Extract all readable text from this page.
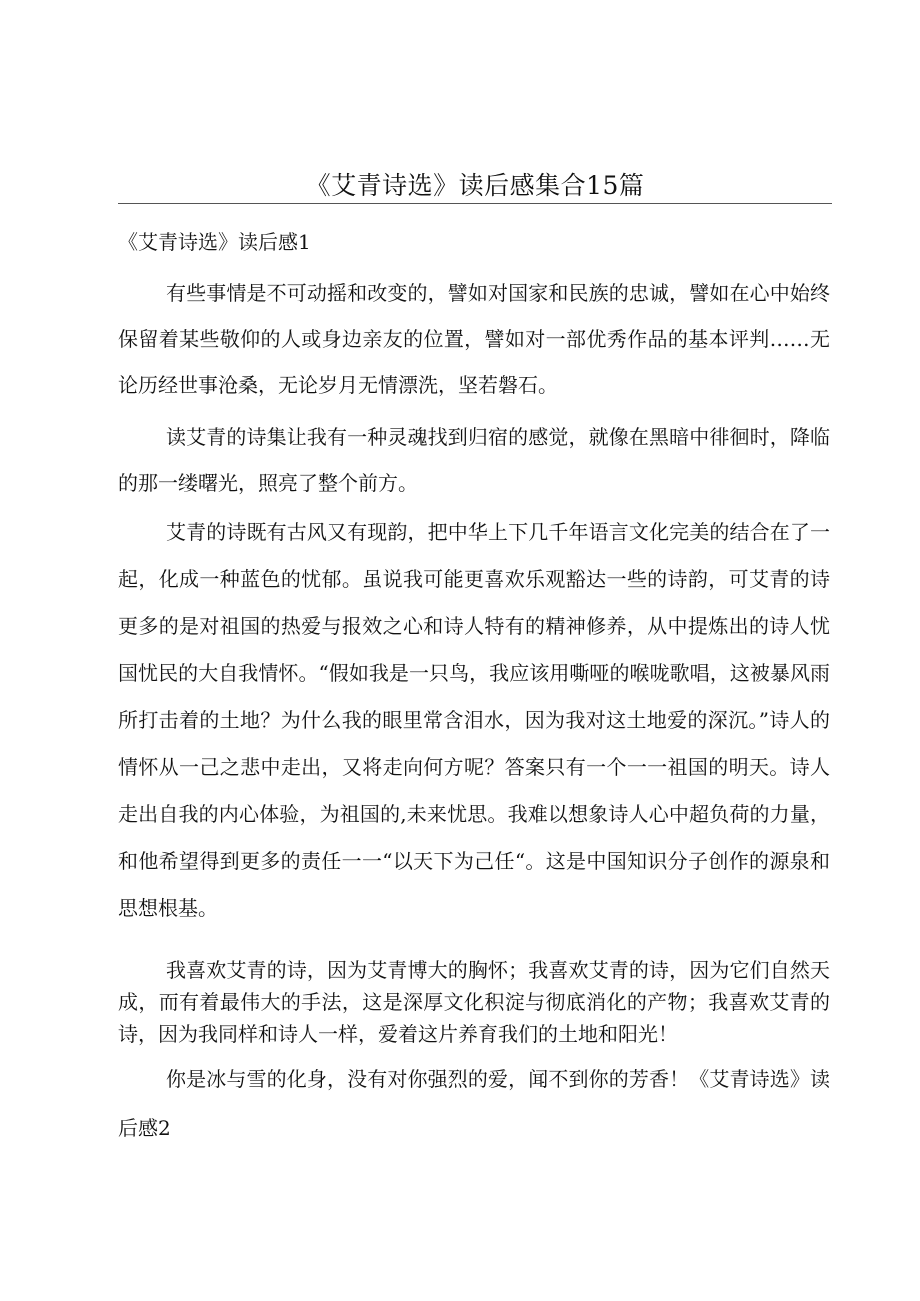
《艾青诗选》读后感集合15篇
《艾青诗选》读后感1

有些事情是不可动摇和改变的，譬如对国家和民族的忠诚，譬如在心中始终保留着某些敬仰的人或身边亲友的位置，譬如对一部优秀作品的基本评判……无论历经世事沧桑，无论岁月无情漂洗，坚若磐石。

读艾青的诗集让我有一种灵魂找到归宿的感觉，就像在黑暗中徘徊时，降临的那一缕曙光，照亮了整个前方。

艾青的诗既有古风又有现韵，把中华上下几千年语言文化完美的结合在了一起，化成一种蓝色的忧郁。虽说我可能更喜欢乐观豁达一些的诗韵，可艾青的诗更多的是对祖国的热爱与报效之心和诗人特有的精神修养，从中提炼出的诗人忧国忧民的大自我情怀。“假如我是一只鸟，我应该用嘶哑的喉咙歌唱，这被暴风雨所打击着的土地？为什么我的眼里常含泪水，因为我对这土地爱的深沉。”诗人的情怀从一己之悲中走出，又将走向何方呢？答案只有一个一一祖国的明天。诗人走出自我的内心体验，为祖国的,未来忧思。我难以想象诗人心中超负荷的力量，和他希望得到更多的责任一一“以天下为己任“。这是中国知识分子创作的源泉和思想根基。

我喜欢艾青的诗，因为艾青博大的胸怀；我喜欢艾青的诗，因为它们自然天成，而有着最伟大的手法，这是深厚文化积淀与彻底消化的产物；我喜欢艾青的诗，因为我同样和诗人一样，爱着这片养育我们的土地和阳光！

你是冰与雪的化身，没有对你强烈的爱，闻不到你的芳香！《艾青诗选》读后感2
